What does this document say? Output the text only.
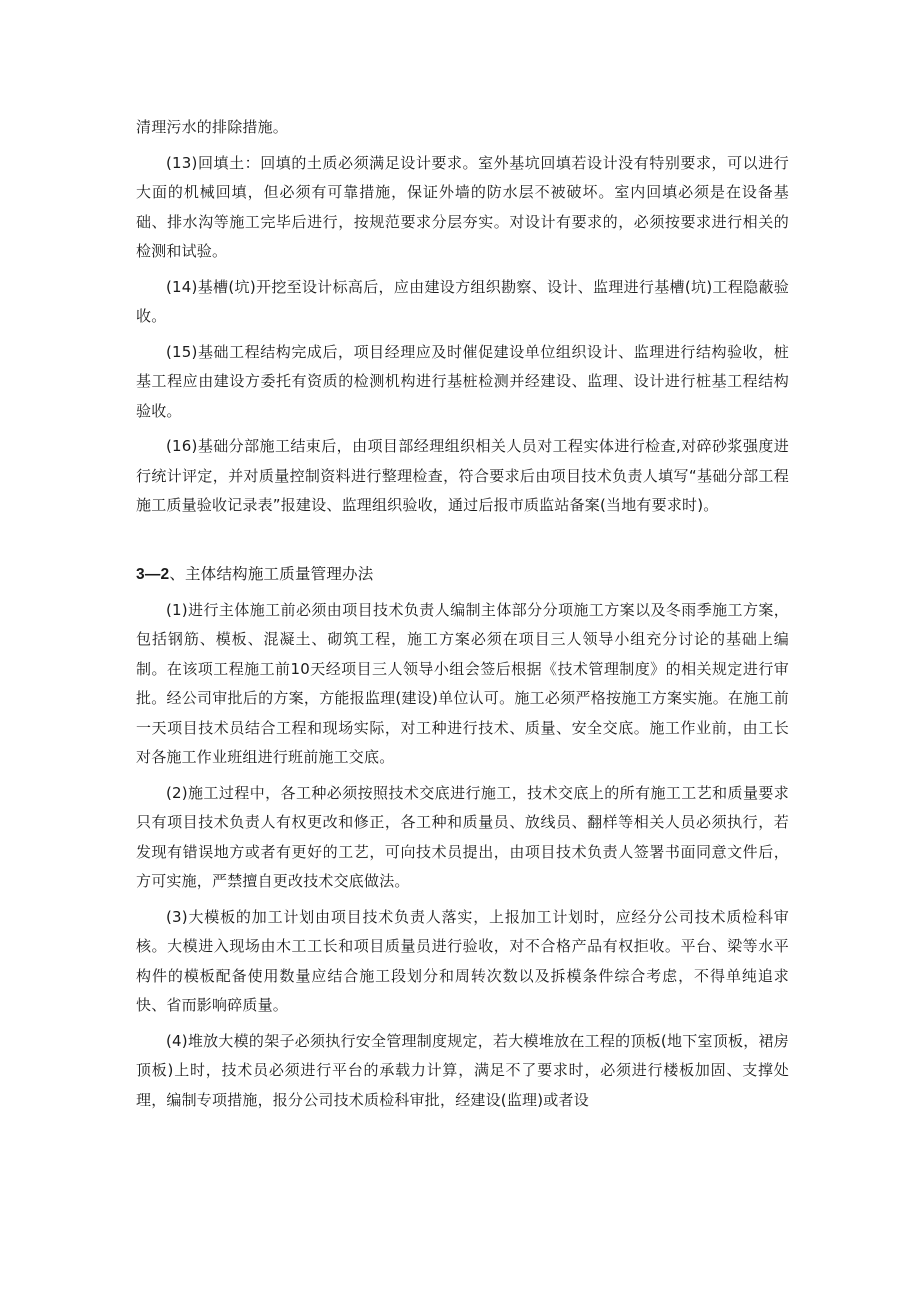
清理污水的排除措施。

(13)回填土：回填的土质必须满足设计要求。室外基坑回填若设计没有特别要求，可以进行大面的机械回填，但必须有可靠措施，保证外墙的防水层不被破坏。室内回填必须是在设备基础、排水沟等施工完毕后进行，按规范要求分层夯实。对设计有要求的，必须按要求进行相关的检测和试验。

(14)基槽(坑)开挖至设计标高后，应由建设方组织勘察、设计、监理进行基槽(坑)工程隐蔽验收。

(15)基础工程结构完成后，项目经理应及时催促建设单位组织设计、监理进行结构验收，桩基工程应由建设方委托有资质的检测机构进行基桩检测并经建设、监理、设计进行桩基工程结构验收。

(16)基础分部施工结束后，由项目部经理组织相关人员对工程实体进行检查,对碎砂浆强度进行统计评定，并对质量控制资料进行整理检查，符合要求后由项目技术负责人填写“基础分部工程施工质量验收记录表”报建设、监理组织验收，通过后报市质监站备案(当地有要求时)。

3—2、主体结构施工质量管理办法

(1)进行主体施工前必须由项目技术负责人编制主体部分分项施工方案以及冬雨季施工方案，包括钢筋、模板、混凝土、砌筑工程，施工方案必须在项目三人领导小组充分讨论的基础上编制。在该项工程施工前10天经项目三人领导小组会签后根据《技术管理制度》的相关规定进行审批。经公司审批后的方案，方能报监理(建设)单位认可。施工必须严格按施工方案实施。在施工前一天项目技术员结合工程和现场实际，对工种进行技术、质量、安全交底。施工作业前，由工长对各施工作业班组进行班前施工交底。

(2)施工过程中，各工种必须按照技术交底进行施工，技术交底上的所有施工工艺和质量要求只有项目技术负责人有权更改和修正，各工种和质量员、放线员、翻样等相关人员必须执行，若发现有错误地方或者有更好的工艺，可向技术员提出，由项目技术负责人签署书面同意文件后，方可实施，严禁擅自更改技术交底做法。

(3)大模板的加工计划由项目技术负责人落实，上报加工计划时，应经分公司技术质检科审核。大模进入现场由木工工长和项目质量员进行验收，对不合格产品有权拒收。平台、梁等水平构件的模板配备使用数量应结合施工段划分和周转次数以及拆模条件综合考虑，不得单纯追求快、省而影响碎质量。

(4)堆放大模的架子必须执行安全管理制度规定，若大模堆放在工程的顶板(地下室顶板，裙房顶板)上时，技术员必须进行平台的承载力计算，满足不了要求时，必须进行楼板加固、支撑处理，编制专项措施，报分公司技术质检科审批，经建设(监理)或者设
